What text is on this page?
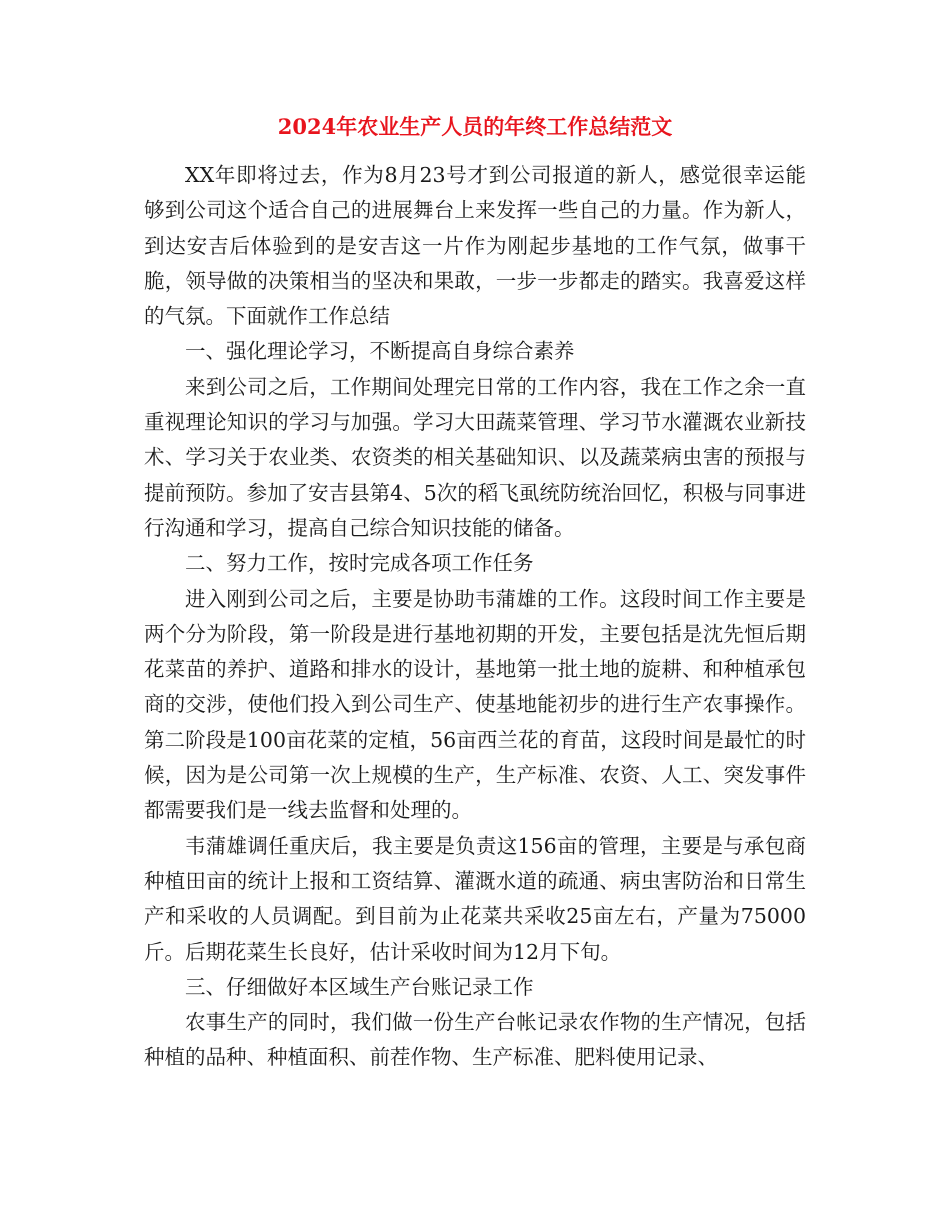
2024年农业生产人员的年终工作总结范文

XX年即将过去，作为8月23号才到公司报道的新人，感觉很幸运能够到公司这个适合自己的进展舞台上来发挥一些自己的力量。作为新人，到达安吉后体验到的是安吉这一片作为刚起步基地的工作气氛，做事干脆，领导做的决策相当的坚决和果敢，一步一步都走的踏实。我喜爱这样的气氛。下面就作工作总结

一、强化理论学习，不断提高自身综合素养

来到公司之后，工作期间处理完日常的工作内容，我在工作之余一直重视理论知识的学习与加强。学习大田蔬菜管理、学习节水灌溉农业新技术、学习关于农业类、农资类的相关基础知识、以及蔬菜病虫害的预报与提前预防。参加了安吉县第4、5次的稻飞虱统防统治回忆，积极与同事进行沟通和学习，提高自己综合知识技能的储备。

二、努力工作，按时完成各项工作任务

进入刚到公司之后，主要是协助韦蒲雄的工作。这段时间工作主要是两个分为阶段，第一阶段是进行基地初期的开发，主要包括是沈先恒后期花菜苗的养护、道路和排水的设计，基地第一批土地的旋耕、和种植承包商的交涉，使他们投入到公司生产、使基地能初步的进行生产农事操作。第二阶段是100亩花菜的定植，56亩西兰花的育苗，这段时间是最忙的时候，因为是公司第一次上规模的生产，生产标准、农资、人工、突发事件都需要我们是一线去监督和处理的。

韦蒲雄调任重庆后，我主要是负责这156亩的管理，主要是与承包商种植田亩的统计上报和工资结算、灌溉水道的疏通、病虫害防治和日常生产和采收的人员调配。到目前为止花菜共采收25亩左右，产量为75000斤。后期花菜生长良好，估计采收时间为12月下旬。

三、仔细做好本区域生产台账记录工作

农事生产的同时，我们做一份生产台帐记录农作物的生产情况，包括种植的品种、种植面积、前茬作物、生产标准、肥料使用记录、
